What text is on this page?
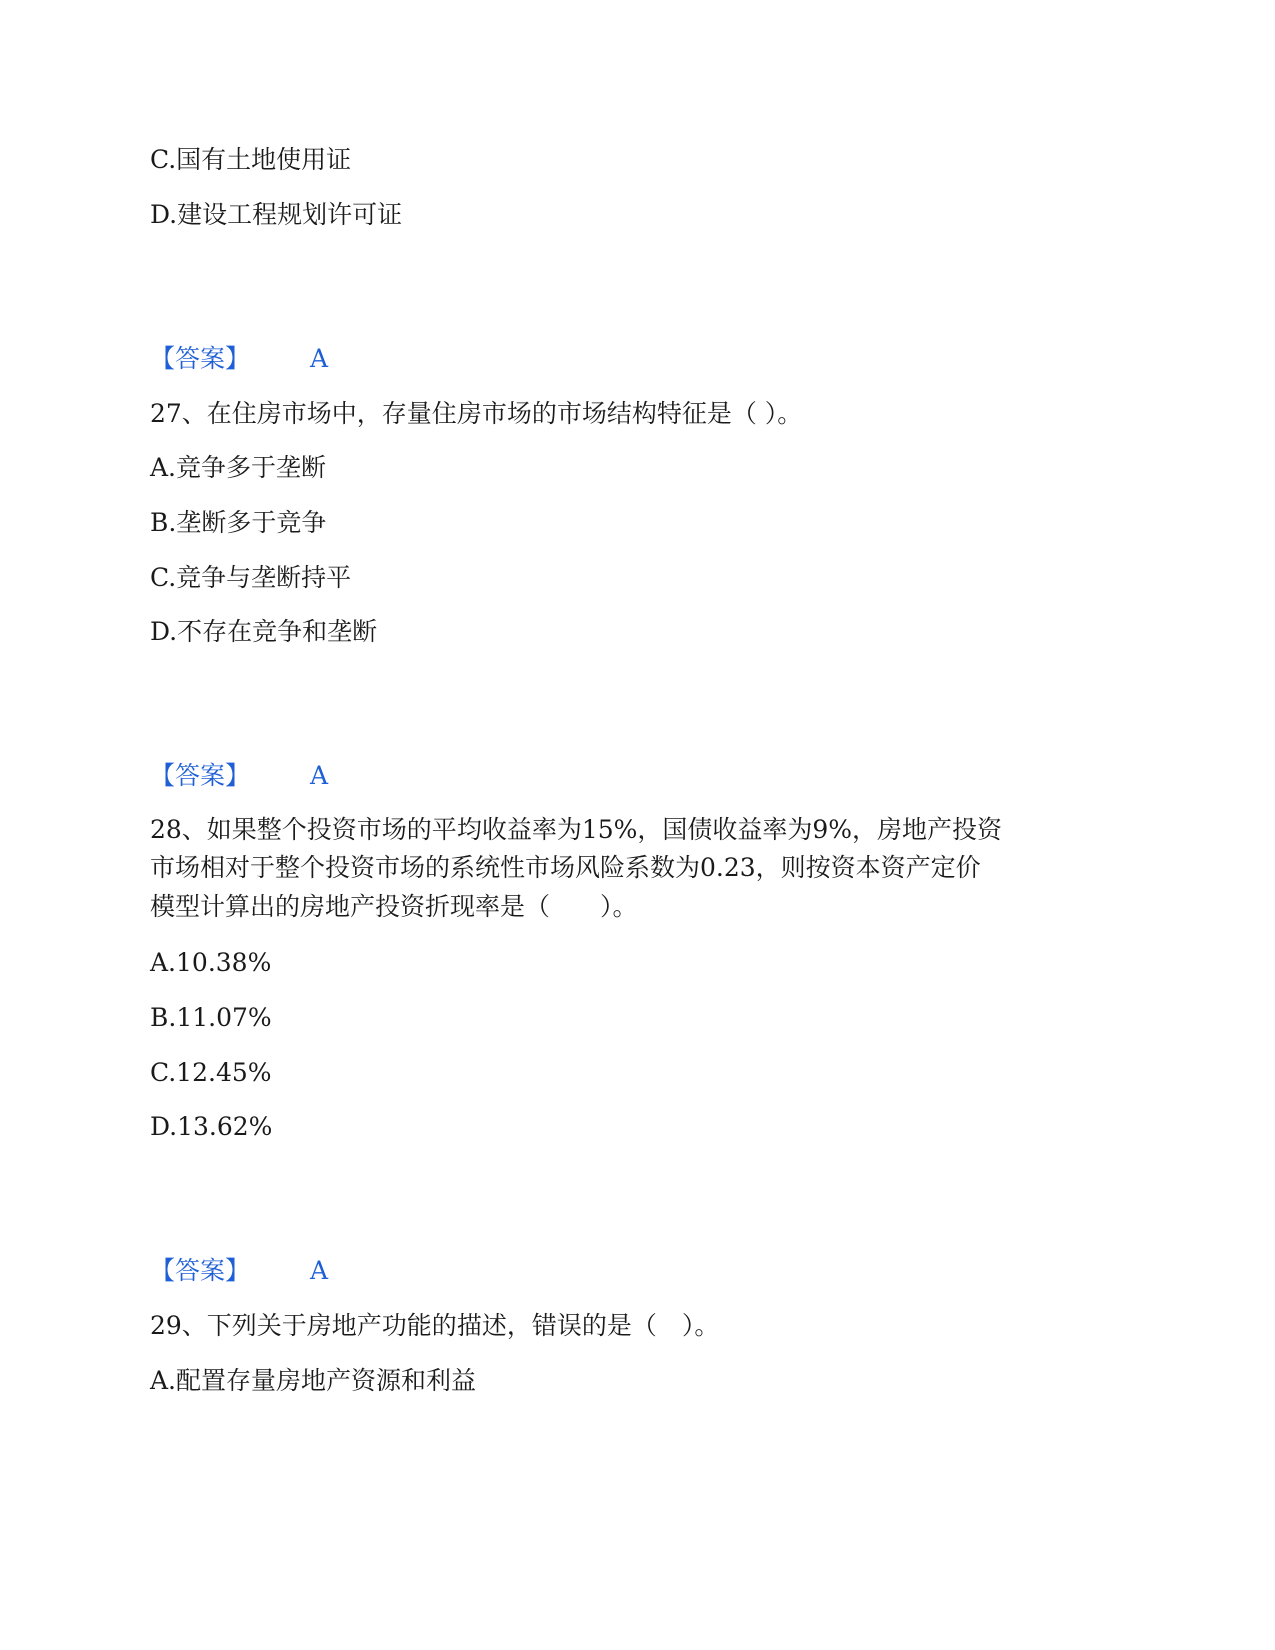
C.国有土地使用证
D.建设工程规划许可证
【答案】 A
27、在住房市场中，存量住房市场的市场结构特征是（ ）。
A.竞争多于垄断
B.垄断多于竞争
C.竞争与垄断持平
D.不存在竞争和垄断
【答案】 A
28、如果整个投资市场的平均收益率为15%，国债收益率为9%，房地产投资
市场相对于整个投资市场的系统性市场风险系数为0.23，则按资本资产定价
模型计算出的房地产投资折现率是（　　）。
A.10.38%
B.11.07%
C.12.45%
D.13.62%
【答案】 A
29、下列关于房地产功能的描述，错误的是（　）。
A.配置存量房地产资源和利益
